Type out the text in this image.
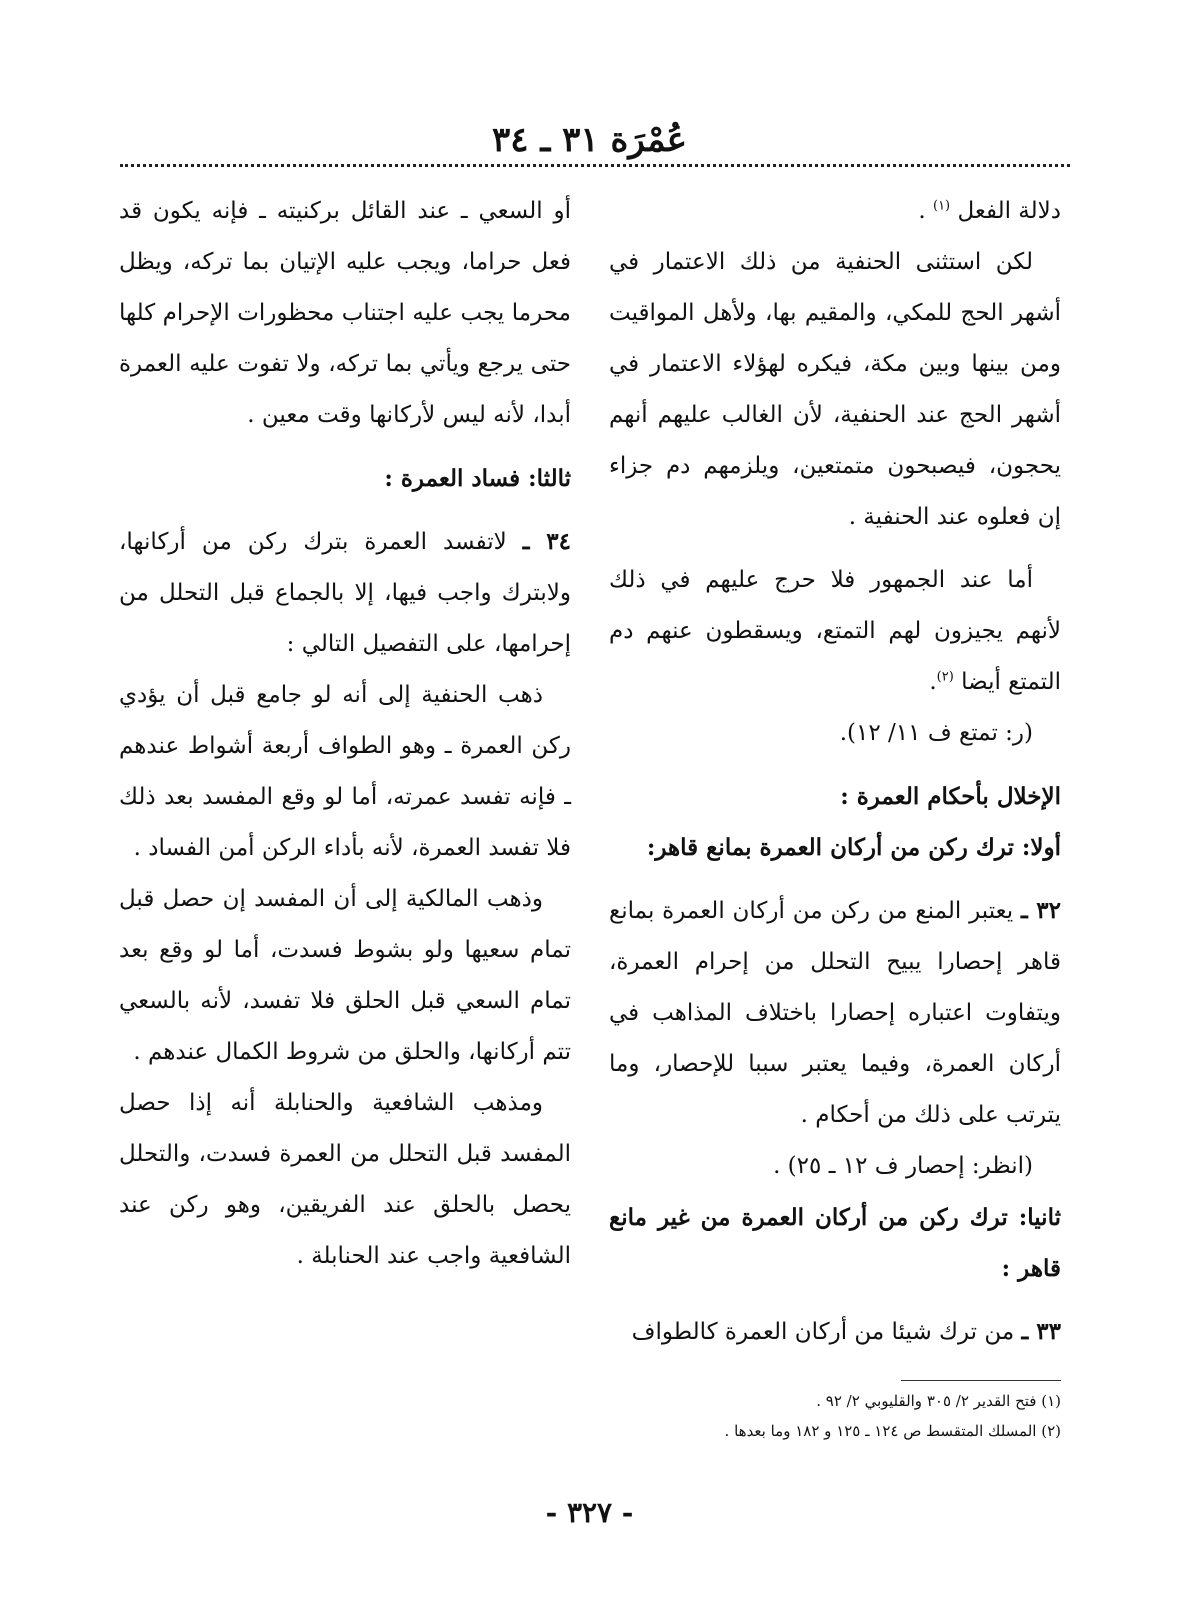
عُمْرَة ٣١ ـ ٣٤

دلالة الفعل $^{(١)}$ .

لكن استثنى الحنفية من ذلك الاعتمار في أشهر الحج للمكي، والمقيم بها، ولأهل المواقيت ومن بينها وبين مكة، فيكره لهؤلاء الاعتمار في أشهر الحج عند الحنفية، لأن الغالب عليهم أنهم يحجون، فيصبحون متمتعين، ويلزمهم دم جزاء إن فعلوه عند الحنفية .

أما عند الجمهور فلا حرج عليهم في ذلك لأنهم يجيزون لهم التمتع، ويسقطون عنهم دم التمتع أيضا $^{(٢)}$.

(ر: تمتع ف ١١/ ١٢).

الإخلال بأحكام العمرة :

أولا: ترك ركن من أركان العمرة بمانع قاهر:

٣٢ ـ يعتبر المنع من ركن من أركان العمرة بمانع قاهر إحصارا يبيح التحلل من إحرام العمرة، ويتفاوت اعتباره إحصارا باختلاف المذاهب في أركان العمرة، وفيما يعتبر سببا للإحصار، وما يترتب على ذلك من أحكام .

(انظر: إحصار ف ١٢ ـ ٢٥) .

ثانيا: ترك ركن من أركان العمرة من غير مانع قاهر :

٣٣ ـ من ترك شيئا من أركان العمرة كالطواف

أو السعي ـ عند القائل بركنيته ـ فإنه يكون قد فعل حراما، ويجب عليه الإتيان بما تركه، ويظل محرما يجب عليه اجتناب محظورات الإحرام كلها حتى يرجع ويأتي بما تركه، ولا تفوت عليه العمرة أبدا، لأنه ليس لأركانها وقت معين .

ثالثا: فساد العمرة :

٣٤ ـ لاتفسد العمرة بترك ركن من أركانها، ولابترك واجب فيها، إلا بالجماع قبل التحلل من إحرامها، على التفصيل التالي :

ذهب الحنفية إلى أنه لو جامع قبل أن يؤدي ركن العمرة ـ وهو الطواف أربعة أشواط عندهم ـ فإنه تفسد عمرته، أما لو وقع المفسد بعد ذلك فلا تفسد العمرة، لأنه بأداء الركن أمن الفساد .

وذهب المالكية إلى أن المفسد إن حصل قبل تمام سعيها ولو بشوط فسدت، أما لو وقع بعد تمام السعي قبل الحلق فلا تفسد، لأنه بالسعي تتم أركانها، والحلق من شروط الكمال عندهم .

ومذهب الشافعية والحنابلة أنه إذا حصل المفسد قبل التحلل من العمرة فسدت، والتحلل يحصل بالحلق عند الفريقين، وهو ركن عند الشافعية واجب عند الحنابلة .

(١) فتح القدير ٢/ ٣٠٥ والقليوبي ٢/ ٩٢ .

(٢) المسلك المتقسط ص ١٢٤ ـ ١٢٥ و ١٨٢ وما بعدها .

- ٣٢٧ -
